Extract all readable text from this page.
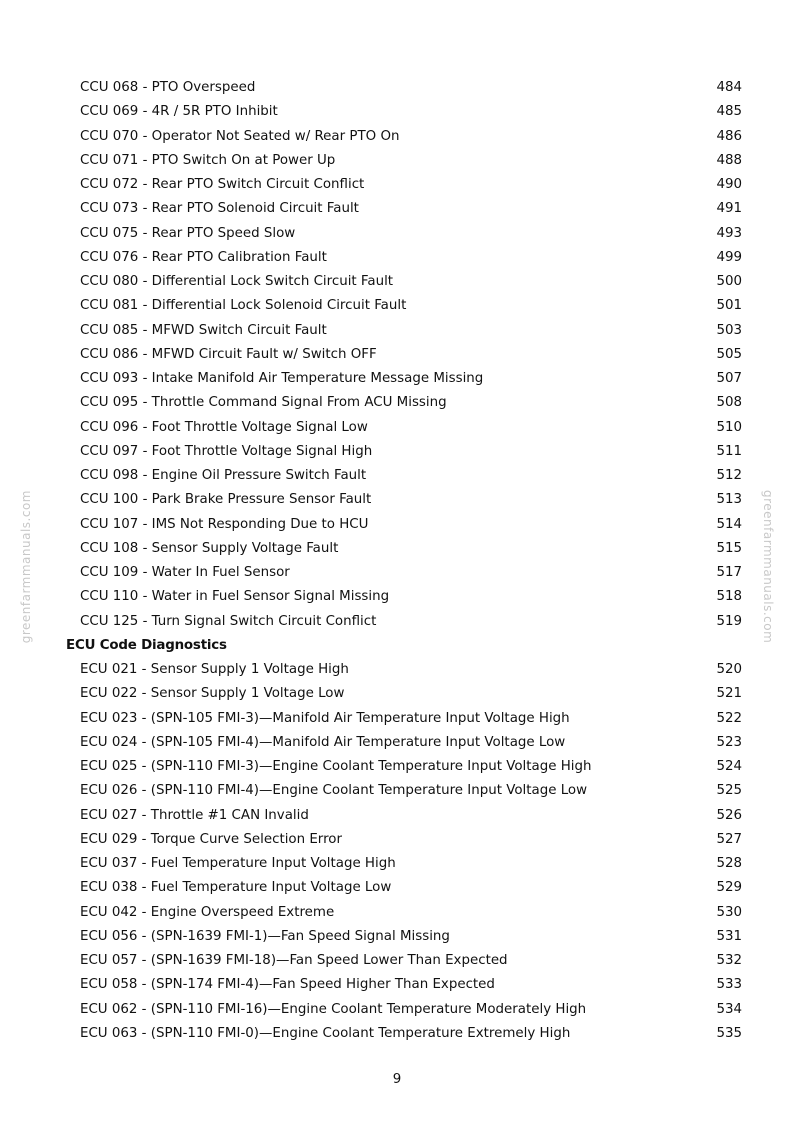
greenfarmmanuals.com	greenfarmmanuals.com
CCU 068 - PTO Overspeed	484
CCU 069 - 4R / 5R PTO Inhibit	485
CCU 070 - Operator Not Seated w/ Rear PTO On	486
CCU 071 - PTO Switch On at Power Up	488
CCU 072 - Rear PTO Switch Circuit Conflict	490
CCU 073 - Rear PTO Solenoid Circuit Fault	491
CCU 075 - Rear PTO Speed Slow	493
CCU 076 - Rear PTO Calibration Fault	499
CCU 080 - Differential Lock Switch Circuit Fault	500
CCU 081 - Differential Lock Solenoid Circuit Fault	501
CCU 085 - MFWD Switch Circuit Fault	503
CCU 086 - MFWD Circuit Fault w/ Switch OFF	505
CCU 093 - Intake Manifold Air Temperature Message Missing	507
CCU 095 - Throttle Command Signal From ACU Missing	508
CCU 096 - Foot Throttle Voltage Signal Low	510
CCU 097 - Foot Throttle Voltage Signal High	511
CCU 098 - Engine Oil Pressure Switch Fault	512
CCU 100 - Park Brake Pressure Sensor Fault	513
CCU 107 - IMS Not Responding Due to HCU	514
CCU 108 - Sensor Supply Voltage Fault	515
CCU 109 - Water In Fuel Sensor	517
CCU 110 - Water in Fuel Sensor Signal Missing	518
CCU 125 - Turn Signal Switch Circuit Conflict	519
ECU Code Diagnostics
ECU 021 - Sensor Supply 1 Voltage High	520
ECU 022 - Sensor Supply 1 Voltage Low	521
ECU 023 - (SPN-105 FMI-3)—Manifold Air Temperature Input Voltage High	522
ECU 024 - (SPN-105 FMI-4)—Manifold Air Temperature Input Voltage Low	523
ECU 025 - (SPN-110 FMI-3)—Engine Coolant Temperature Input Voltage High	524
ECU 026 - (SPN-110 FMI-4)—Engine Coolant Temperature Input Voltage Low	525
ECU 027 - Throttle #1 CAN Invalid	526
ECU 029 - Torque Curve Selection Error	527
ECU 037 - Fuel Temperature Input Voltage High	528
ECU 038 - Fuel Temperature Input Voltage Low	529
ECU 042 - Engine Overspeed Extreme	530
ECU 056 - (SPN-1639 FMI-1)—Fan Speed Signal Missing	531
ECU 057 - (SPN-1639 FMI-18)—Fan Speed Lower Than Expected	532
ECU 058 - (SPN-174 FMI-4)—Fan Speed Higher Than Expected	533
ECU 062 - (SPN-110 FMI-16)—Engine Coolant Temperature Moderately High	534
ECU 063 - (SPN-110 FMI-0)—Engine Coolant Temperature Extremely High	535
9
